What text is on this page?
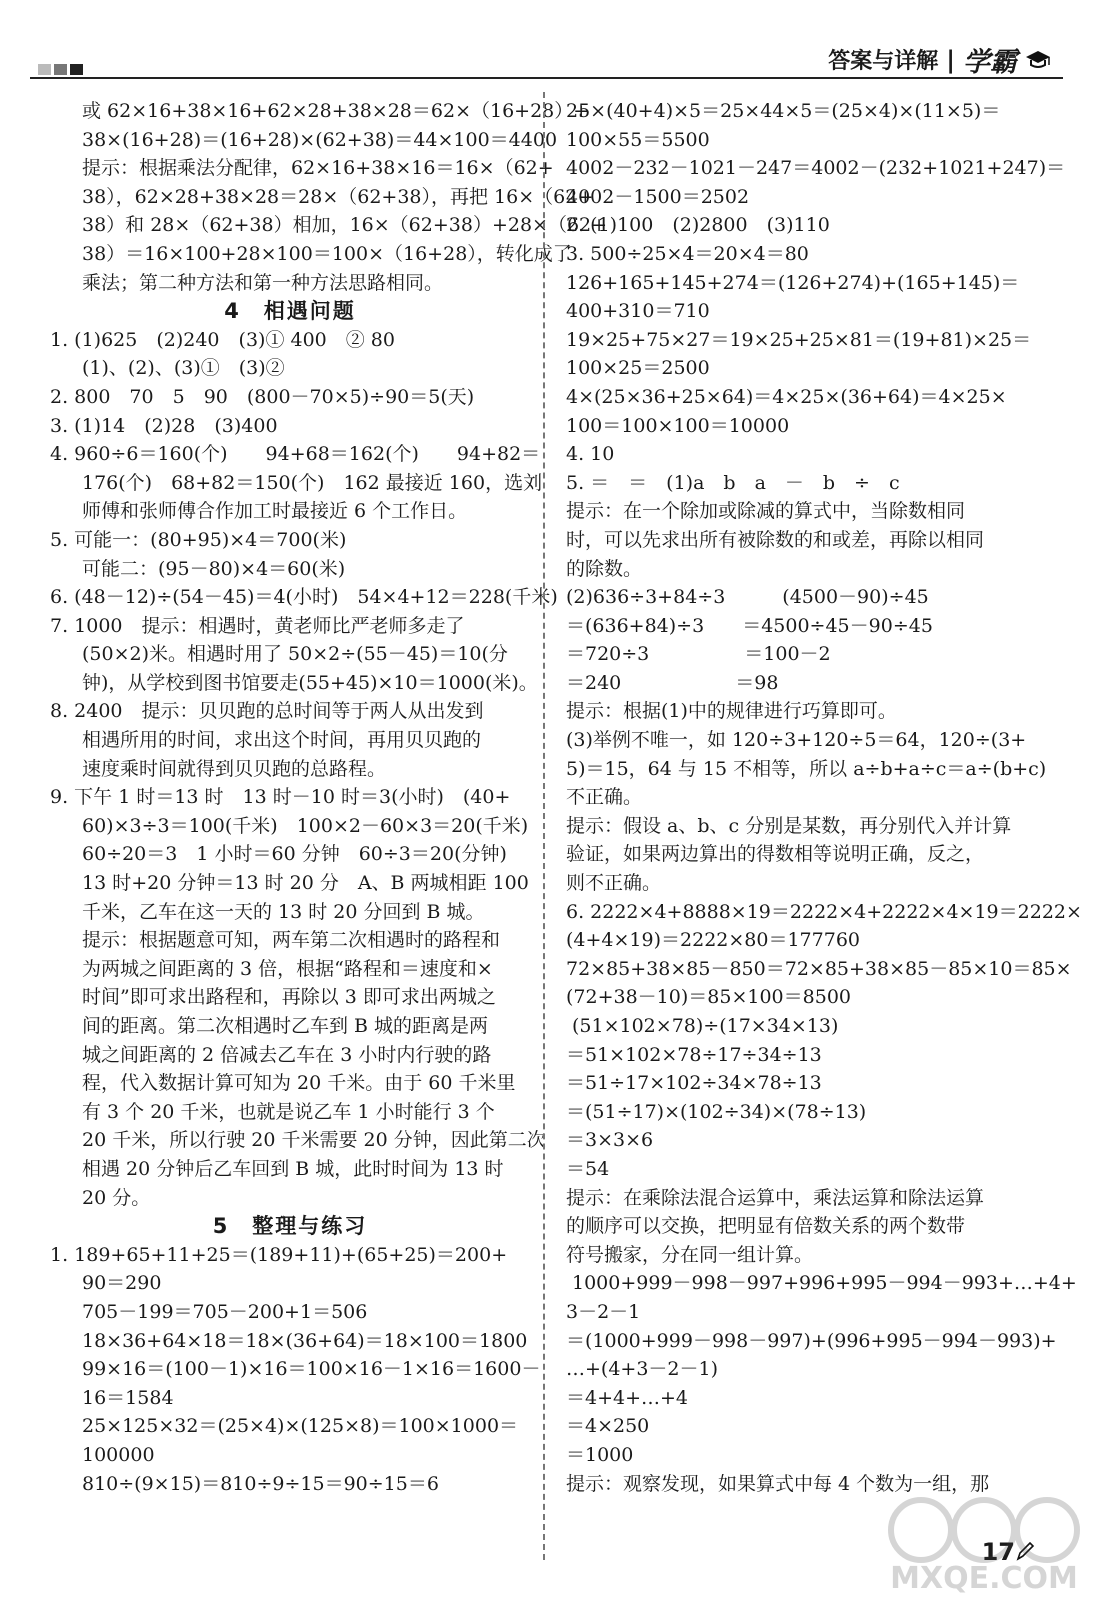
答案与详解 | 学霸
或 62×16+38×16+62×28+38×28＝62×（16+28）+
38×(16+28)＝(16+28)×(62+38)＝44×100＝4400
提示：根据乘法分配律，62×16+38×16＝16×（62+
38），62×28+38×28＝28×（62+38），再把 16×（62+
38）和 28×（62+38）相加，16×（62+38）+28×（62+
38）＝16×100+28×100＝100×（16+28），转化成了
乘法；第二种方法和第一种方法思路相同。
4　相遇问题
1. (1)625　(2)240　(3)① 400　② 80
(1)、(2)、(3)①　(3)②
2. 800　70　5　90　(800－70×5)÷90＝5(天)
3. (1)14　(2)28　(3)400
4. 960÷6＝160(个)　　94+68＝162(个)　　94+82＝
176(个)　68+82＝150(个)　162 最接近 160，选刘
师傅和张师傅合作加工时最接近 6 个工作日。
5. 可能一：(80+95)×4＝700(米)
可能二：(95－80)×4＝60(米)
6. (48－12)÷(54－45)＝4(小时)　54×4+12＝228(千米)
7. 1000　提示：相遇时，黄老师比严老师多走了
(50×2)米。相遇时用了 50×2÷(55－45)＝10(分
钟)，从学校到图书馆要走(55+45)×10＝1000(米)。
8. 2400　提示：贝贝跑的总时间等于两人从出发到
相遇所用的时间，求出这个时间，再用贝贝跑的
速度乘时间就得到贝贝跑的总路程。
9. 下午 1 时＝13 时　13 时－10 时＝3(小时)　(40+
60)×3÷3＝100(千米)　100×2－60×3＝20(千米)
60÷20＝3　1 小时＝60 分钟　60÷3＝20(分钟)
13 时+20 分钟＝13 时 20 分　A、B 两城相距 100
千米，乙车在这一天的 13 时 20 分回到 B 城。
提示：根据题意可知，两车第二次相遇时的路程和
为两城之间距离的 3 倍，根据“路程和＝速度和×
时间”即可求出路程和，再除以 3 即可求出两城之
间的距离。第二次相遇时乙车到 B 城的距离是两
城之间距离的 2 倍减去乙车在 3 小时内行驶的路
程，代入数据计算可知为 20 千米。由于 60 千米里
有 3 个 20 千米，也就是说乙车 1 小时能行 3 个
20 千米，所以行驶 20 千米需要 20 分钟，因此第二次
相遇 20 分钟后乙车回到 B 城，此时时间为 13 时
20 分。
5　整理与练习
1. 189+65+11+25＝(189+11)+(65+25)＝200+
90＝290
705－199＝705－200+1＝506
18×36+64×18＝18×(36+64)＝18×100＝1800
99×16＝(100－1)×16＝100×16－1×16＝1600－
16＝1584
25×125×32＝(25×4)×(125×8)＝100×1000＝
100000
810÷(9×15)＝810÷9÷15＝90÷15＝6
25×(40+4)×5＝25×44×5＝(25×4)×(11×5)＝
100×55＝5500
4002－232－1021－247＝4002－(232+1021+247)＝
4002－1500＝2502
2. (1)100　(2)2800　(3)110
3. 500÷25×4＝20×4＝80
126+165+145+274＝(126+274)+(165+145)＝
400+310＝710
19×25+75×27＝19×25+25×81＝(19+81)×25＝
100×25＝2500
4×(25×36+25×64)＝4×25×(36+64)＝4×25×
100＝100×100＝10000
4. 10
5. ＝　＝　(1)a　b　a　－　b　÷　c
提示：在一个除加或除减的算式中，当除数相同
时，可以先求出所有被除数的和或差，再除以相同
的除数。
(2)636÷3+84÷3　　　(4500－90)÷45
＝(636+84)÷3　　＝4500÷45－90÷45
＝720÷3　　　　　＝100－2
＝240　　　　　　＝98
提示：根据(1)中的规律进行巧算即可。
(3)举例不唯一，如 120÷3+120÷5＝64，120÷(3+
5)＝15，64 与 15 不相等，所以 a÷b+a÷c＝a÷(b+c)
不正确。
提示：假设 a、b、c 分别是某数，再分别代入并计算
验证，如果两边算出的得数相等说明正确，反之，
则不正确。
6. 2222×4+8888×19＝2222×4+2222×4×19＝2222×
(4+4×19)＝2222×80＝177760
72×85+38×85－850＝72×85+38×85－85×10＝85×
(72+38－10)＝85×100＝8500
(51×102×78)÷(17×34×13)
＝51×102×78÷17÷34÷13
＝51÷17×102÷34×78÷13
＝(51÷17)×(102÷34)×(78÷13)
＝3×3×6
＝54
提示：在乘除法混合运算中，乘法运算和除法运算
的顺序可以交换，把明显有倍数关系的两个数带
符号搬家，分在同一组计算。
1000+999－998－997+996+995－994－993+…+4+
3－2－1
＝(1000+999－998－997)+(996+995－994－993)+
…+(4+3－2－1)
＝4+4+…+4
＝4×250
＝1000
提示：观察发现，如果算式中每 4 个数为一组，那
17
MXQE.COM
